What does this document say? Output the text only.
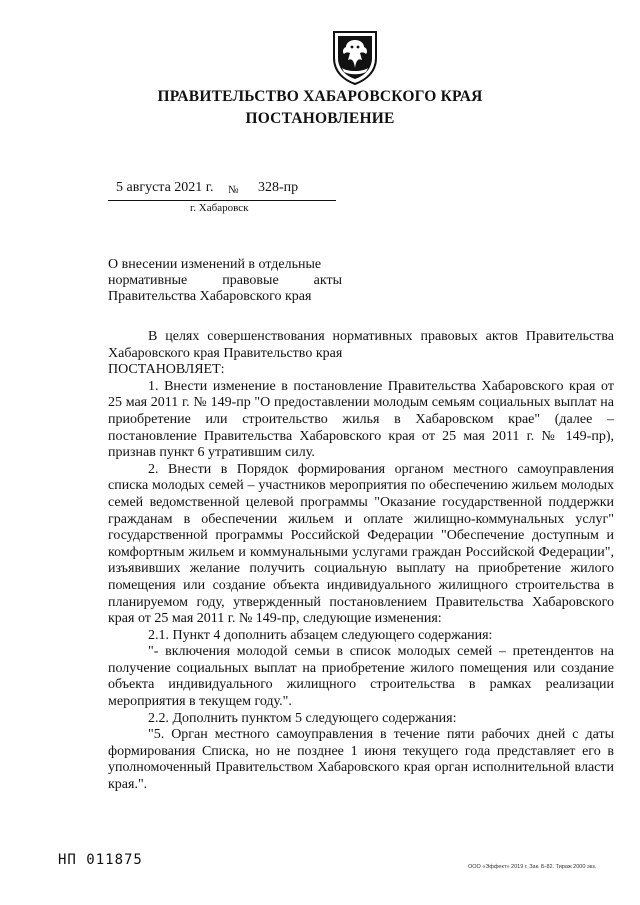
ПРАВИТЕЛЬСТВО ХАБАРОВСКОГО КРАЯ
ПОСТАНОВЛЕНИЕ
5 августа 2021 г. № 328-пр
г. Хабаровск
О внесении изменений в отдельные
нормативные правовые акты
Правительства Хабаровского края

В целях совершенствования нормативных правовых актов Правительства Хабаровского края Правительство края

ПОСТАНОВЛЯЕТ:

1. Внести изменение в постановление Правительства Хабаровского края от 25 мая 2011 г. № 149-пр "О предоставлении молодым семьям социальных выплат на приобретение или строительство жилья в Хабаровском крае" (далее – постановление Правительства Хабаровского края от 25 мая 2011 г. № 149-пр), признав пункт 6 утратившим силу.

2. Внести в Порядок формирования органом местного самоуправления списка молодых семей – участников мероприятия по обеспечению жильем молодых семей ведомственной целевой программы "Оказание государственной поддержки гражданам в обеспечении жильем и оплате жилищно-коммунальных услуг" государственной программы Российской Федерации "Обеспечение доступным и комфортным жильем и коммунальными услугами граждан Российской Федерации", изъявивших желание получить социальную выплату на приобретение жилого помещения или создание объекта индивидуального жилищного строительства в планируемом году, утвержденный постановлением Правительства Хабаровского края от 25 мая 2011 г. № 149-пр, следующие изменения:

2.1. Пункт 4 дополнить абзацем следующего содержания:

"- включения молодой семьи в список молодых семей – претендентов на получение социальных выплат на приобретение жилого помещения или создание объекта индивидуального жилищного строительства в рамках реализации мероприятия в текущем году.".

2.2. Дополнить пунктом 5 следующего содержания:

"5. Орган местного самоуправления в течение пяти рабочих дней с даты формирования Списка, но не позднее 1 июня текущего года представляет его в уполномоченный Правительством Хабаровского края орган исполнительной власти края.".

НП 011875	ООО «Эффект» 2019 г. Зак. Б-82. Тираж 2000 экз.
